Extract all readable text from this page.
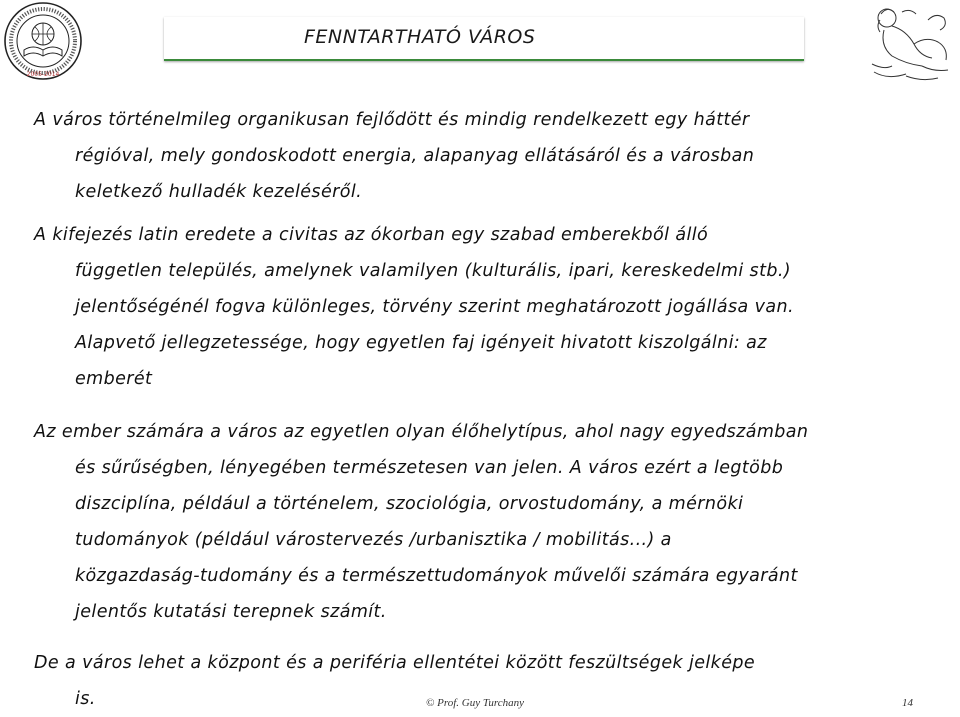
2005-2014
FENNTARTHATÓ VÁROS
A város történelmileg organikusan fejlődött és mindig rendelkezett egy háttér
régióval, mely gondoskodott energia, alapanyag ellátásáról és a városban
keletkező hulladék kezeléséről.
A kifejezés latin eredete a civitas az ókorban egy szabad emberekből álló
független település, amelynek valamilyen (kulturális, ipari, kereskedelmi stb.)
jelentőségénél fogva különleges, törvény szerint meghatározott jogállása van.
Alapvető jellegzetessége, hogy egyetlen faj igényeit hivatott kiszolgálni: az
emberét
Az ember számára a város az egyetlen olyan élőhelytípus, ahol nagy egyedszámban
és sűrűségben, lényegében természetesen van jelen. A város ezért a legtöbb
diszciplína, például a történelem, szociológia, orvostudomány, a mérnöki
tudományok (például várostervezés /urbanisztika / mobilitás...) a
közgazdaság-tudomány és a természettudományok művelői számára egyaránt
jelentős kutatási terepnek számít.
De a város lehet a központ és a periféria ellentétei között feszültségek jelképe
is.	© Prof. Guy Turchany	14
